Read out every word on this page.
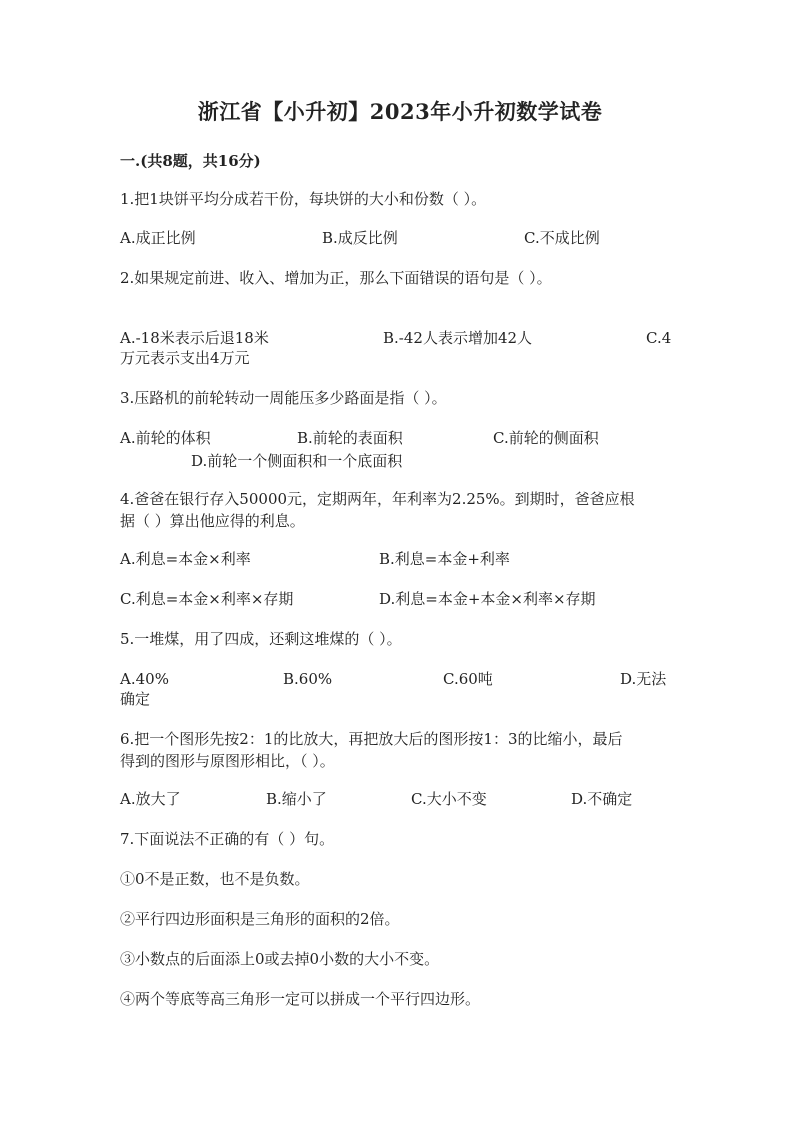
浙江省【小升初】2023年小升初数学试卷
一.(共8题，共16分)
1.把1块饼平均分成若干份，每块饼的大小和份数（ ）。
A.成正比例	B.成反比例	C.不成比例
2.如果规定前进、收入、增加为正，那么下面错误的语句是（ ）。
A.-18米表示后退18米	B.-42人表示增加42人	C.4
万元表示支出4万元
3.压路机的前轮转动一周能压多少路面是指（ ）。
A.前轮的体积	B.前轮的表面积	C.前轮的侧面积
D.前轮一个侧面积和一个底面积
4.爸爸在银行存入50000元，定期两年，年利率为2.25%。到期时，爸爸应根
据（ ）算出他应得的利息。
A.利息=本金×利率	B.利息=本金+利率
C.利息=本金×利率×存期	D.利息=本金+本金×利率×存期
5.一堆煤，用了四成，还剩这堆煤的（ ）。
A.40%	B.60%	C.60吨	D.无法
确定
6.把一个图形先按2：1的比放大，再把放大后的图形按1：3的比缩小，最后
得到的图形与原图形相比，（ ）。
A.放大了	B.缩小了	C.大小不变	D.不确定
7.下面说法不正确的有（ ）句。
①0不是正数，也不是负数。
②平行四边形面积是三角形的面积的2倍。
③小数点的后面添上0或去掉0小数的大小不变。
④两个等底等高三角形一定可以拼成一个平行四边形。
